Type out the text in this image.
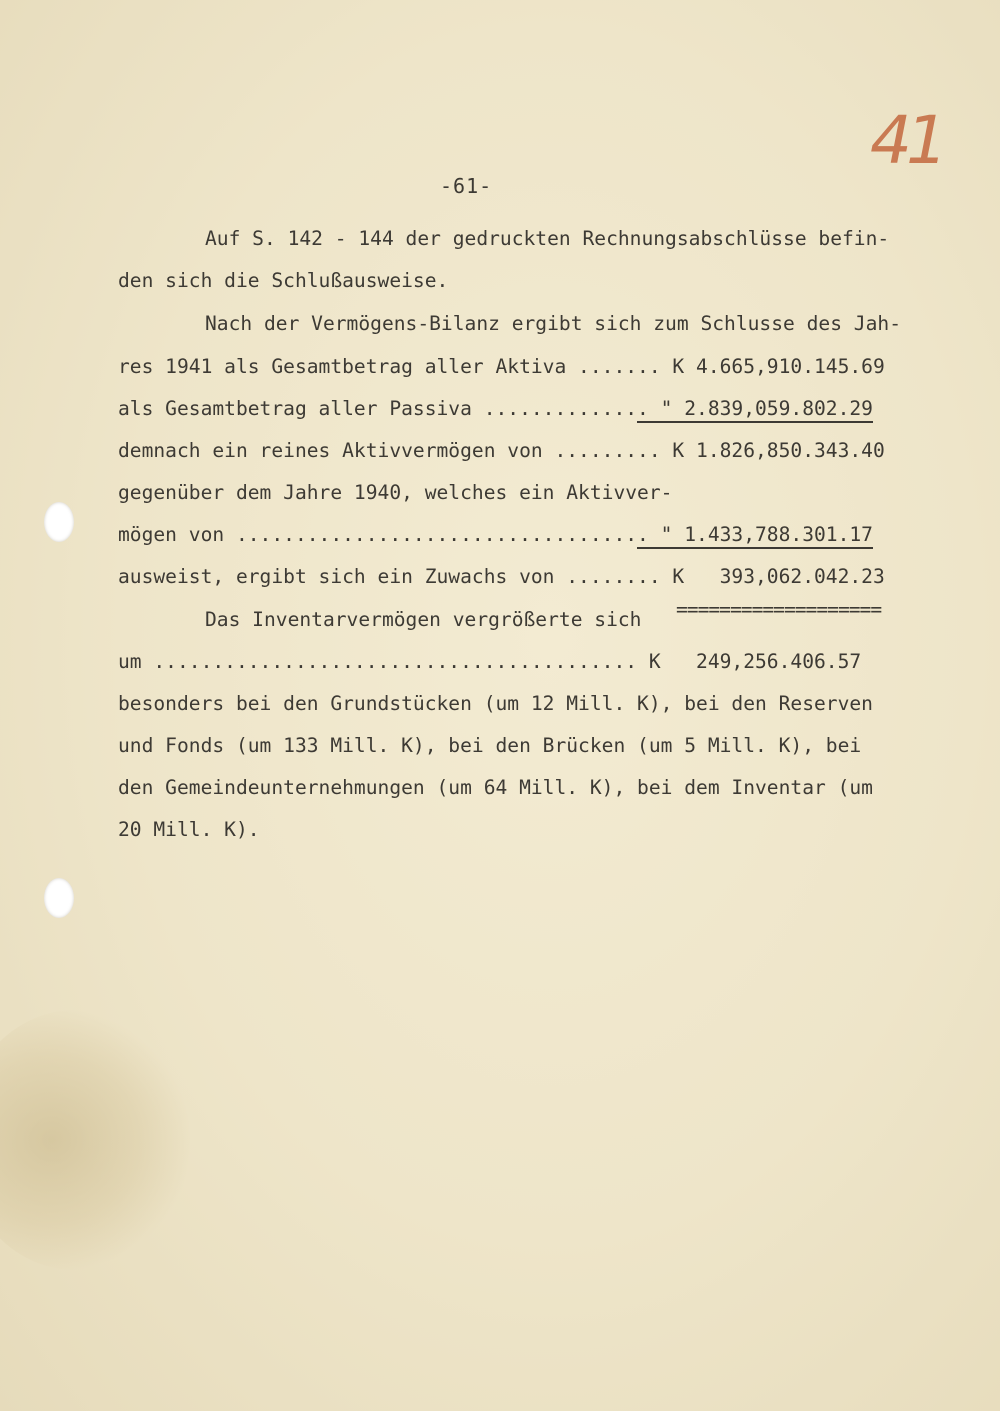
41
-61-
Auf S. 142 - 144 der gedruckten Rechnungsabschlüsse befin-
den sich die Schlußausweise.
Nach der Vermögens-Bilanz ergibt sich zum Schlusse des Jah-
res 1941 als Gesamtbetrag aller Aktiva ....... K 4.665,910.145.69
als Gesamtbetrag aller Passiva .............. " 2.839,059.802.29
demnach ein reines Aktivvermögen von ......... K 1.826,850.343.40
gegenüber dem Jahre 1940, welches ein Aktivver-
mögen von ................................... " 1.433,788.301.17
ausweist, ergibt sich ein Zuwachs von ........ K   393,062.042.23
===================
Das Inventarvermögen vergrößerte sich
um ......................................... K   249,256.406.57
besonders bei den Grundstücken (um 12 Mill. K), bei den Reserven
und Fonds (um 133 Mill. K), bei den Brücken (um 5 Mill. K), bei
den Gemeindeunternehmungen (um 64 Mill. K), bei dem Inventar (um
20 Mill. K).
